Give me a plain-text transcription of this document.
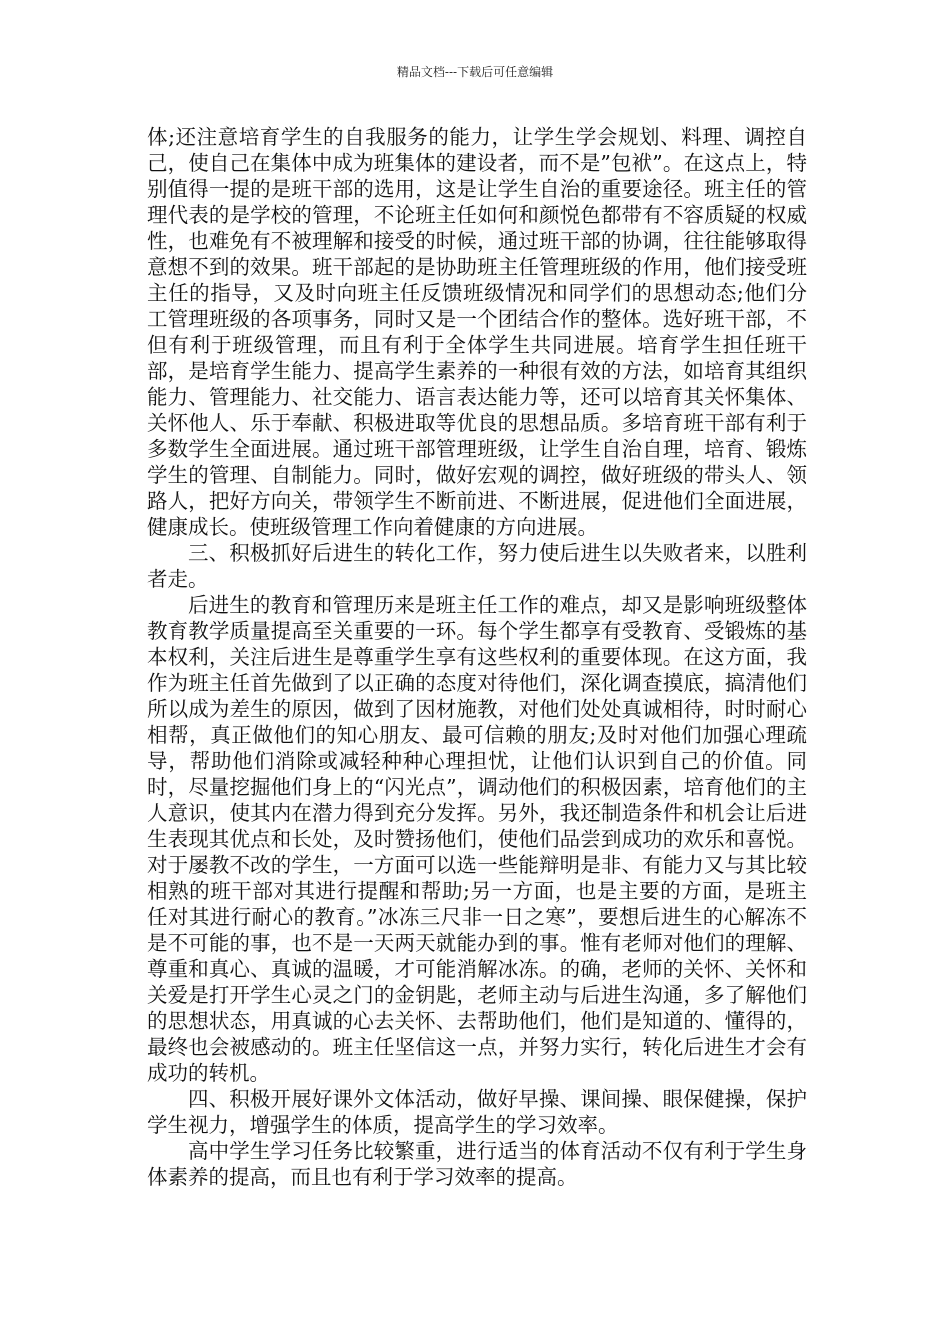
精品文档---下载后可任意编辑

体;还注意培育学生的自我服务的能力，让学生学会规划、料理、调控自己，使自己在集体中成为班集体的建设者，而不是”包袱”。在这点上，特别值得一提的是班干部的选用，这是让学生自治的重要途径。班主任的管理代表的是学校的管理，不论班主任如何和颜悦色都带有不容质疑的权威性，也难免有不被理解和接受的时候，通过班干部的协调，往往能够取得意想不到的效果。班干部起的是协助班主任管理班级的作用，他们接受班主任的指导，又及时向班主任反馈班级情况和同学们的思想动态;他们分工管理班级的各项事务，同时又是一个团结合作的整体。选好班干部，不但有利于班级管理，而且有利于全体学生共同进展。培育学生担任班干部，是培育学生能力、提高学生素养的一种很有效的方法，如培育其组织能力、管理能力、社交能力、语言表达能力等，还可以培育其关怀集体、关怀他人、乐于奉献、积极进取等优良的思想品质。多培育班干部有利于多数学生全面进展。通过班干部管理班级，让学生自治自理，培育、锻炼学生的管理、自制能力。同时，做好宏观的调控，做好班级的带头人、领路人，把好方向关，带领学生不断前进、不断进展，促进他们全面进展，健康成长。使班级管理工作向着健康的方向进展。

三、积极抓好后进生的转化工作，努力使后进生以失败者来，以胜利者走。

后进生的教育和管理历来是班主任工作的难点，却又是影响班级整体教育教学质量提高至关重要的一环。每个学生都享有受教育、受锻炼的基本权利，关注后进生是尊重学生享有这些权利的重要体现。在这方面，我作为班主任首先做到了以正确的态度对待他们，深化调查摸底，搞清他们所以成为差生的原因，做到了因材施教，对他们处处真诚相待，时时耐心相帮，真正做他们的知心朋友、最可信赖的朋友;及时对他们加强心理疏导，帮助他们消除或减轻种种心理担忧，让他们认识到自己的价值。同时，尽量挖掘他们身上的“闪光点”，调动他们的积极因素，培育他们的主人意识，使其内在潜力得到充分发挥。另外，我还制造条件和机会让后进生表现其优点和长处，及时赞扬他们，使他们品尝到成功的欢乐和喜悦。对于屡教不改的学生，一方面可以选一些能辩明是非、有能力又与其比较相熟的班干部对其进行提醒和帮助;另一方面，也是主要的方面，是班主任对其进行耐心的教育。”冰冻三尺非一日之寒”，要想后进生的心解冻不是不可能的事，也不是一天两天就能办到的事。惟有老师对他们的理解、尊重和真心、真诚的温暖，才可能消解冰冻。的确，老师的关怀、关怀和关爱是打开学生心灵之门的金钥匙，老师主动与后进生沟通，多了解他们的思想状态，用真诚的心去关怀、去帮助他们，他们是知道的、懂得的，最终也会被感动的。班主任坚信这一点，并努力实行，转化后进生才会有成功的转机。

四、积极开展好课外文体活动，做好早操、课间操、眼保健操，保护学生视力，增强学生的体质，提高学生的学习效率。

高中学生学习任务比较繁重，进行适当的体育活动不仅有利于学生身体素养的提高，而且也有利于学习效率的提高。
